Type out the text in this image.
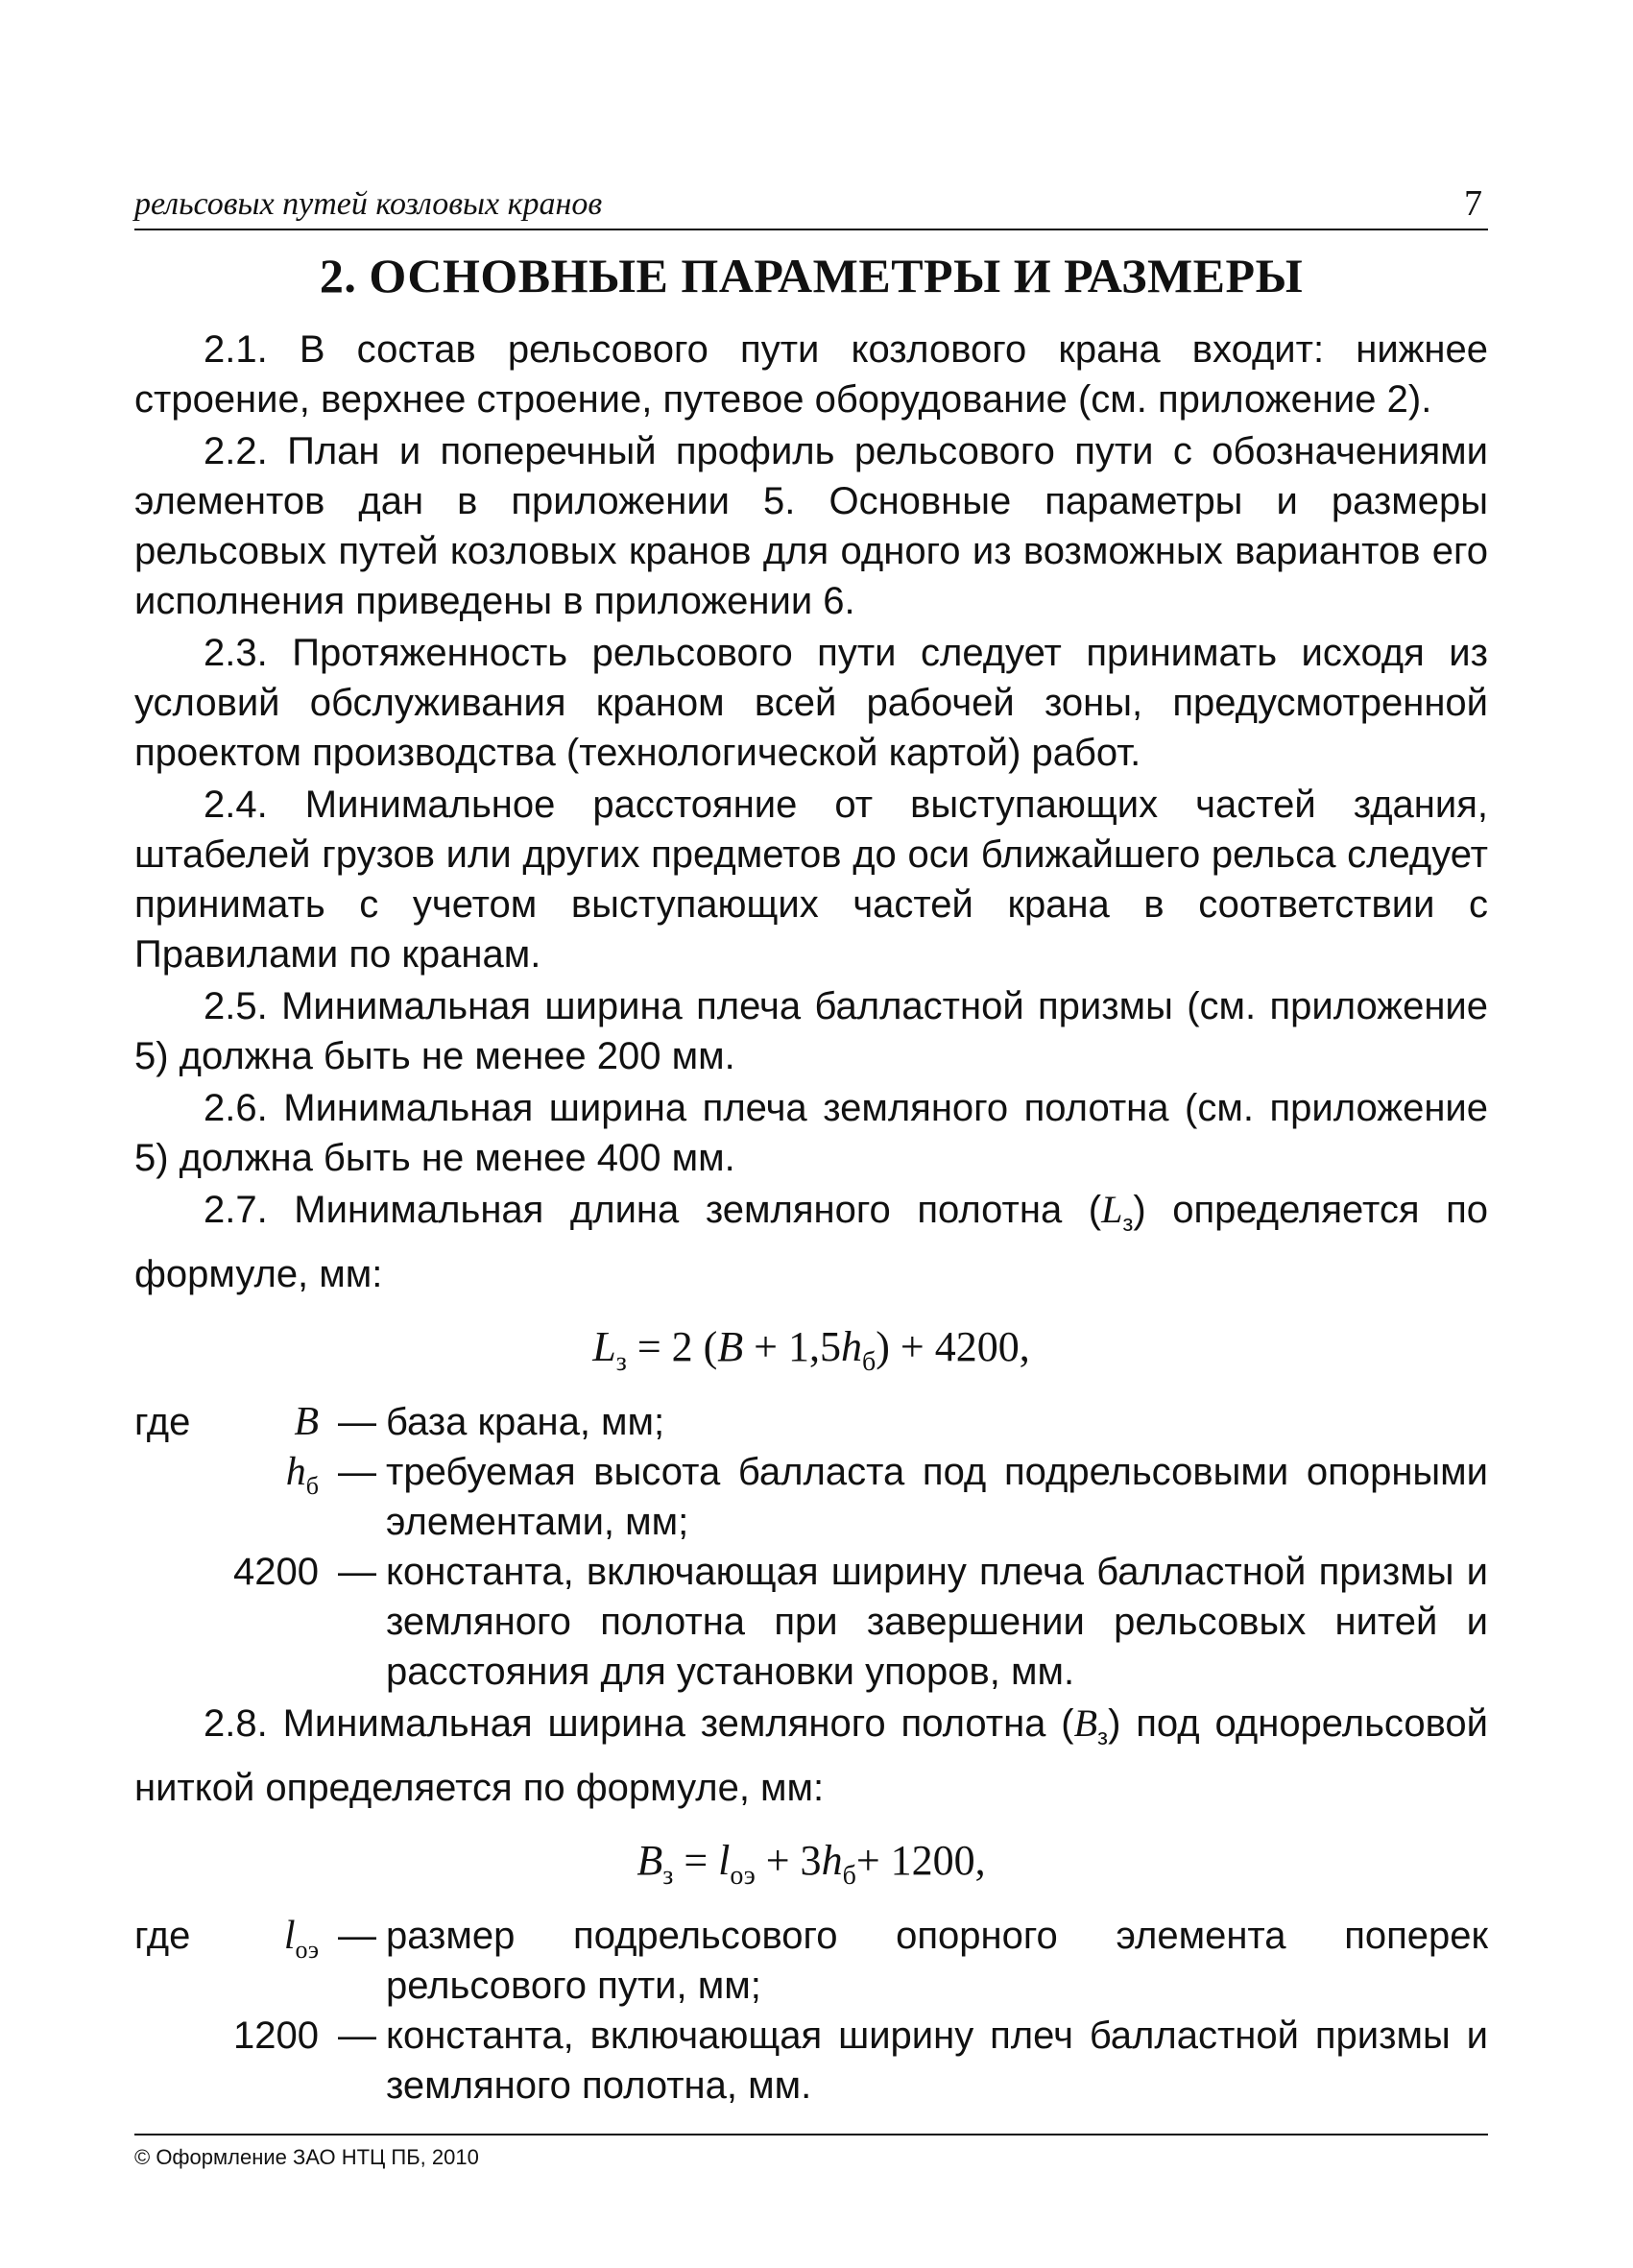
рельсовых путей козловых кранов	7
2. ОСНОВНЫЕ ПАРАМЕТРЫ И РАЗМЕРЫ

2.1. В состав рельсового пути козлового крана входит: нижнее строение, верхнее строение, путевое оборудование (см. приложение 2).

2.2. План и поперечный профиль рельсового пути с обозначениями элементов дан в приложении 5. Основные параметры и размеры рельсовых путей козловых кранов для одного из возможных вариантов его исполнения приведены в приложении 6.

2.3. Протяженность рельсового пути следует принимать исходя из условий обслуживания краном всей рабочей зоны, предусмотренной проектом производства (технологической картой) работ.

2.4. Минимальное расстояние от выступающих частей здания, штабелей грузов или других предметов до оси ближайшего рельса следует принимать с учетом выступающих частей крана в соответствии с Правилами по кранам.

2.5. Минимальная ширина плеча балластной призмы (см. приложение 5) должна быть не менее 200 мм.

2.6. Минимальная ширина плеча земляного полотна (см. приложение 5) должна быть не менее 400 мм.

2.7. Минимальная длина земляного полотна $(L_з)$ определяется по формуле, мм:

$L_з = 2$ $(B + 1,5h_б) + 4200$,
где	B — база крана, мм;
$h_б$ — требуемая высота балласта под подрельсовыми опорными элементами, мм;
4200 — константа, включающая ширину плеча балластной призмы и земляного полотна при завершении рельсовых нитей и расстояния для установки упоров, мм.

2.8. Минимальная ширина земляного полотна $(B_з)$ под однорельсовой ниткой определяется по формуле, мм:

$B_з = l_{оэ} + 3h_б+ 1200$,
где	$l_{оэ}$ — размер подрельсового опорного элемента поперек рельсового пути, мм;
1200 — константа, включающая ширину плеч балластной призмы и земляного полотна, мм.
© Оформление ЗАО НТЦ ПБ, 2010
